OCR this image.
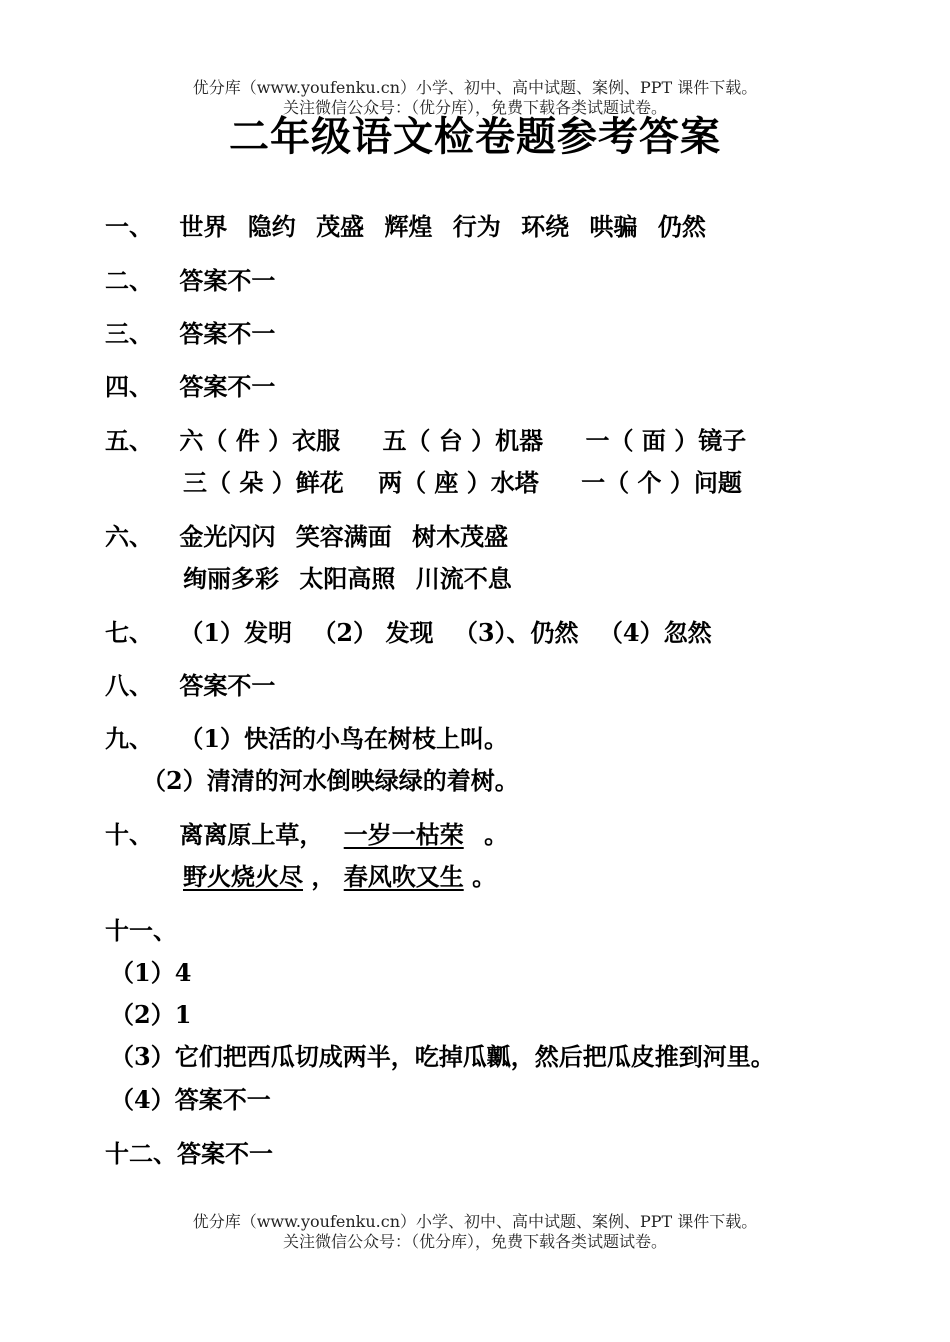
优分库（www.youfenku.cn）小学、初中、高中试题、案例、PPT 课件下载。
关注微信公众号：（优分库），免费下载各类试题试卷。
二年级语文检卷题参考答案
一、 世界 隐约 茂盛 辉煌 行为 环绕 哄骗 仍然
二、 答案不一
三、 答案不一
四、 答案不一
五、 六（ 件 ）衣服 五（ 台 ）机器 一（ 面 ）镜子
三（ 朵 ）鲜花 两（ 座 ）水塔 一（ 个 ）问题
六、 金光闪闪 笑容满面 树木茂盛
绚丽多彩 太阳高照 川流不息
七、 （1）发明 （2） 发现 （3）、仍然 （4）忽然
八、 答案不一
九、 （1）快活的小鸟在树枝上叫。
（2）清清的河水倒映绿绿的着树。
十、 离离原上草， 一岁一枯荣 。
野火烧火尽 ， 春风吹又生 。
十一、
（1）4
（2）1
（3）它们把西瓜切成两半，吃掉瓜瓤，然后把瓜皮推到河里。
（4）答案不一
十二、答案不一
优分库（www.youfenku.cn）小学、初中、高中试题、案例、PPT 课件下载。
关注微信公众号：（优分库），免费下载各类试题试卷。
